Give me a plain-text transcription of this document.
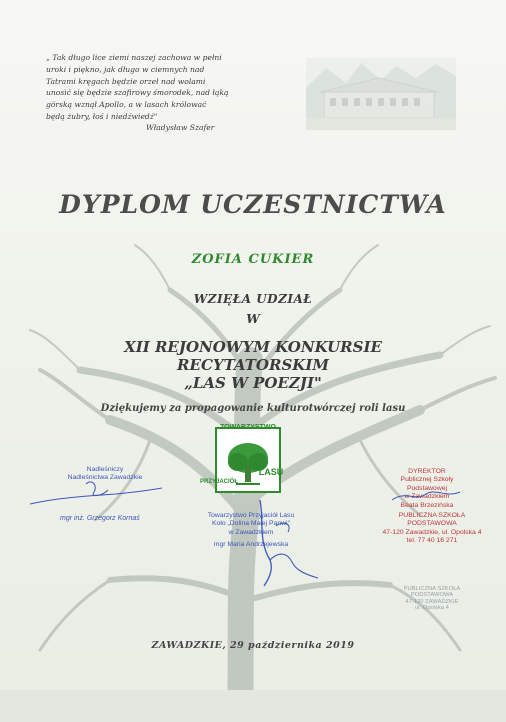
„ Tak długo lice ziemi naszej zachowa w pełni
uroki i piękno, jak długo w ciemnych nad
Tatrami kręgach będzie orzeł nad wolami
unosić się będzie szafirowy śmorodek, nad łąką
górską wznął Apollo, a w lasach królować
będą żubry, łoś i niedźwiedź"
Władysław Szafer
DYPLOM UCZESTNICTWA
ZOFIA CUKIER
WZIĘŁA UDZIAŁ
W
XII REJONOWYM KONKURSIE
RECYTATORSKIM
„LAS W POEZJI"
Dziękujemy za propagowanie kulturotwórczej roli lasu
TOWARZYSTWO
PRZYJACIÓŁ
LASU
Nadleśniczy
Nadleśnictwa Zawadzkie
mgr inż. Grzegorz Kornaś	Towarzystwo Przyjaciół Lasu
Koło „Dolina Małej Panwi"
w Zawadzkiem
mgr Maria Andrzejewska
DYREKTOR
Publicznej Szkoły Podstawowej
w Zawadzkiem
Beata Brzezińska
PUBLICZNA SZKOŁA PODSTAWOWA
47-120 Zawadzkie, ul. Opolska 4
tel. 77 40 16 271
PUBLICZNA SZKOŁA
PODSTAWOWA
47-120 ZAWADZKIE
ul. Opolska 4
ZAWADZKIE, 29 października 2019
